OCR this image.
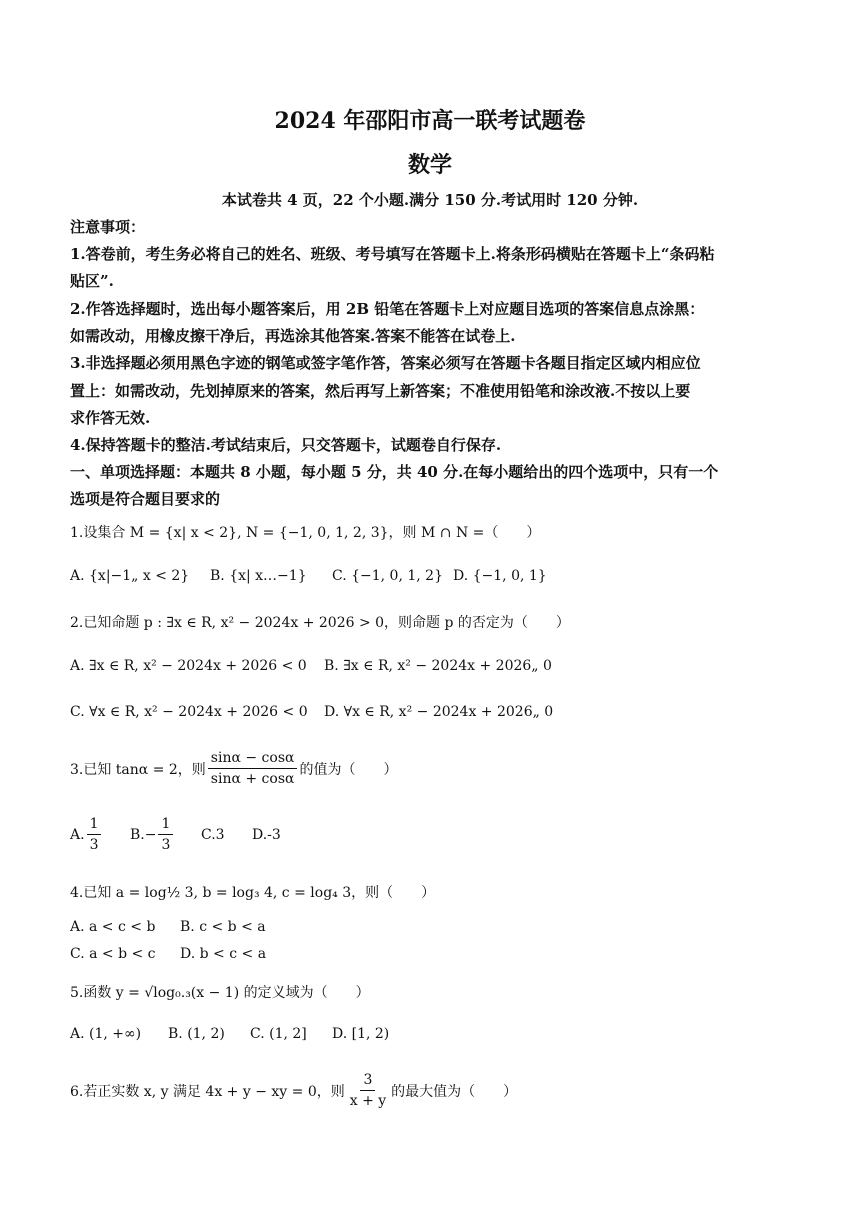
2024 年邵阳市高一联考试题卷
数学
本试卷共 4 页，22 个小题.满分 150 分.考试用时 120 分钟.
注意事项：
1.答卷前，考生务必将自己的姓名、班级、考号填写在答题卡上.将条形码横贴在答题卡上“条码粘
贴区”.
2.作答选择题时，选出每小题答案后，用 2B 铅笔在答题卡上对应题目选项的答案信息点涂黑：
如需改动，用橡皮擦干净后，再选涂其他答案.答案不能答在试卷上.
3.非选择题必须用黑色字迹的钢笔或签字笔作答，答案必须写在答题卡各题目指定区域内相应位
置上：如需改动，先划掉原来的答案，然后再写上新答案；不准使用铅笔和涂改液.不按以上要
求作答无效.
4.保持答题卡的整洁.考试结束后，只交答题卡，试题卷自行保存.
一、单项选择题：本题共 8 小题，每小题 5 分，共 40 分.在每小题给出的四个选项中，只有一个
选项是符合题目要求的
1.设集合 M = {x| x < 2}, N = {−1, 0, 1, 2, 3}，则 M ∩ N =（　　）
A. {x|−1„ x < 2} B. {x| x…−1} C. {−1, 0, 1, 2} D. {−1, 0, 1}
2.已知命题 p : ∃x ∈ R, x² − 2024x + 2026 > 0，则命题 p 的否定为（　　）
A. ∃x ∈ R, x² − 2024x + 2026 < 0 B. ∃x ∈ R, x² − 2024x + 2026„ 0
C. ∀x ∈ R, x² − 2024x + 2026 < 0 D. ∀x ∈ R, x² − 2024x + 2026„ 0
3.已知 tanα = 2，则 $\frac{\sin\alpha - \cos\alpha}{\sin\alpha + \cos\alpha}$ 的值为（　　）
A. $\frac{1}{3} B.- \frac{1}{3} C.3$ D.-3
4.已知 a = log½ 3, b = log₃ 4, c = log₄ 3，则（　　）
A. a < c < b B. c < b < a
C. a < b < c D. b < c < a
5.函数 y = √log₀.₃(x − 1) 的定义域为（　　）
A. (1, +∞) B. (1, 2) C. (1, 2] D. [1, 2)
6.若正实数 x, y 满足 4x + y − xy = 0，则 $\frac{3}{x + y}$ 的最大值为（　　）
